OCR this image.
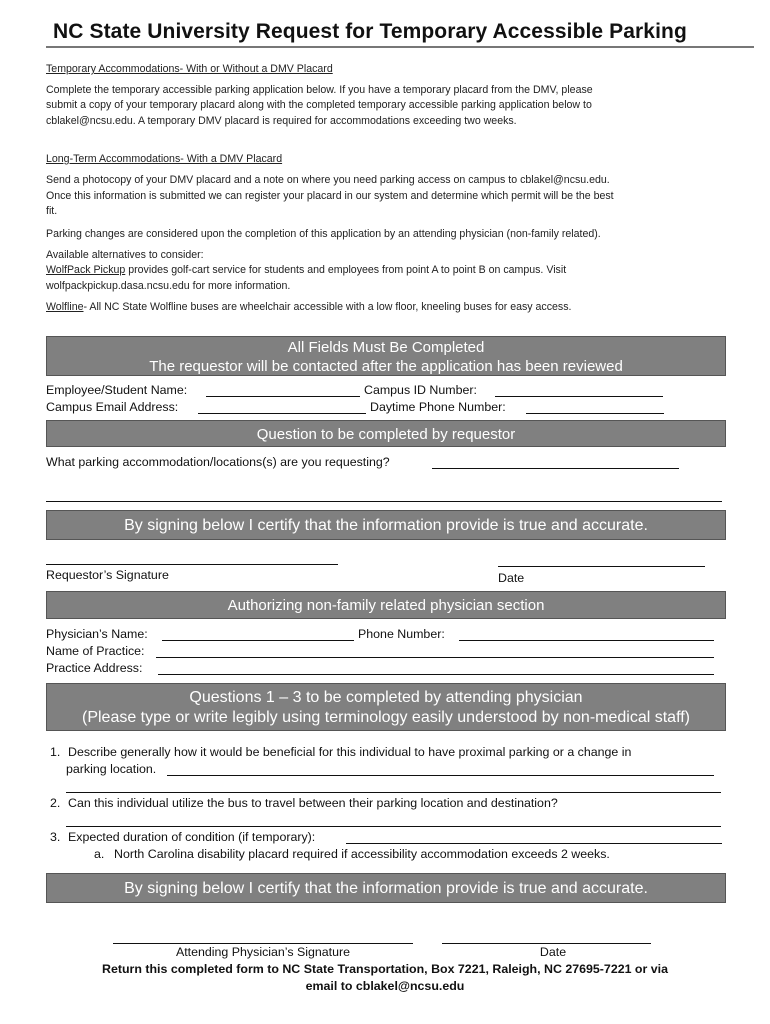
NC State University Request for Temporary Accessible Parking
Temporary Accommodations- With or Without a DMV Placard
Complete the temporary accessible parking application below. If you have a temporary placard from the DMV, please
submit a copy of your temporary placard along with the completed temporary accessible parking application below to
cblakel@ncsu.edu. A temporary DMV placard is required for accommodations exceeding two weeks.
Long-Term Accommodations- With a DMV Placard
Send a photocopy of your DMV placard and a note on where you need parking access on campus to cblakel@ncsu.edu.
Once this information is submitted we can register your placard in our system and determine which permit will be the best
fit.
Parking changes are considered upon the completion of this application by an attending physician (non-family related).
Available alternatives to consider:
WolfPack Pickup provides golf-cart service for students and employees from point A to point B on campus. Visit
wolfpackpickup.dasa.ncsu.edu for more information.
Wolfline- All NC State Wolfline buses are wheelchair accessible with a low floor, kneeling buses for easy access.
All Fields Must Be Completed
The requestor will be contacted after the application has been reviewed
Employee/Student Name:	Campus ID Number:
Campus Email Address:	Daytime Phone Number:
Question to be completed by requestor
What parking accommodation/locations(s) are you requesting?
By signing below I certify that the information provide is true and accurate.
Requestor’s Signature	Date
Authorizing non-family related physician section
Physician’s Name:	Phone Number:
Name of Practice:
Practice Address:
Questions 1 – 3 to be completed by attending physician
(Please type or write legibly using terminology easily understood by non-medical staff)
1. Describe generally how it would be beneficial for this individual to have proximal parking or a change in
parking location.
2. Can this individual utilize the bus to travel between their parking location and destination?
3. Expected duration of condition (if temporary):
a. North Carolina disability placard required if accessibility accommodation exceeds 2 weeks.
By signing below I certify that the information provide is true and accurate.
Attending Physician’s Signature	Date
Return this completed form to NC State Transportation, Box 7221, Raleigh, NC 27695-7221 or via
email to cblakel@ncsu.edu
